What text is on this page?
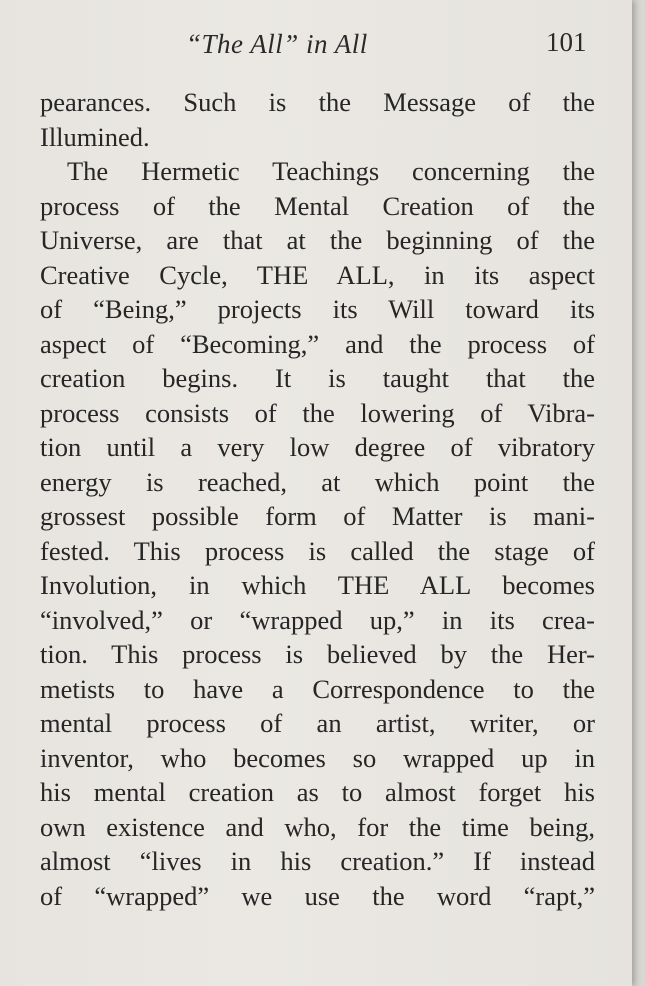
“The All” in All	101
pearances. Such is the Message of the
Illumined.
The Hermetic Teachings concerning the
process of the Mental Creation of the
Universe, are that at the beginning of the
Creative Cycle, THE ALL, in its aspect
of “Being,” projects its Will toward its
aspect of “Becoming,” and the process of
creation begins. It is taught that the
process consists of the lowering of Vibra-
tion until a very low degree of vibratory
energy is reached, at which point the
grossest possible form of Matter is mani-
fested. This process is called the stage of
Involution, in which THE ALL becomes
“involved,” or “wrapped up,” in its crea-
tion. This process is believed by the Her-
metists to have a Correspondence to the
mental process of an artist, writer, or
inventor, who becomes so wrapped up in
his mental creation as to almost forget his
own existence and who, for the time being,
almost “lives in his creation.” If instead
of “wrapped” we use the word “rapt,”
